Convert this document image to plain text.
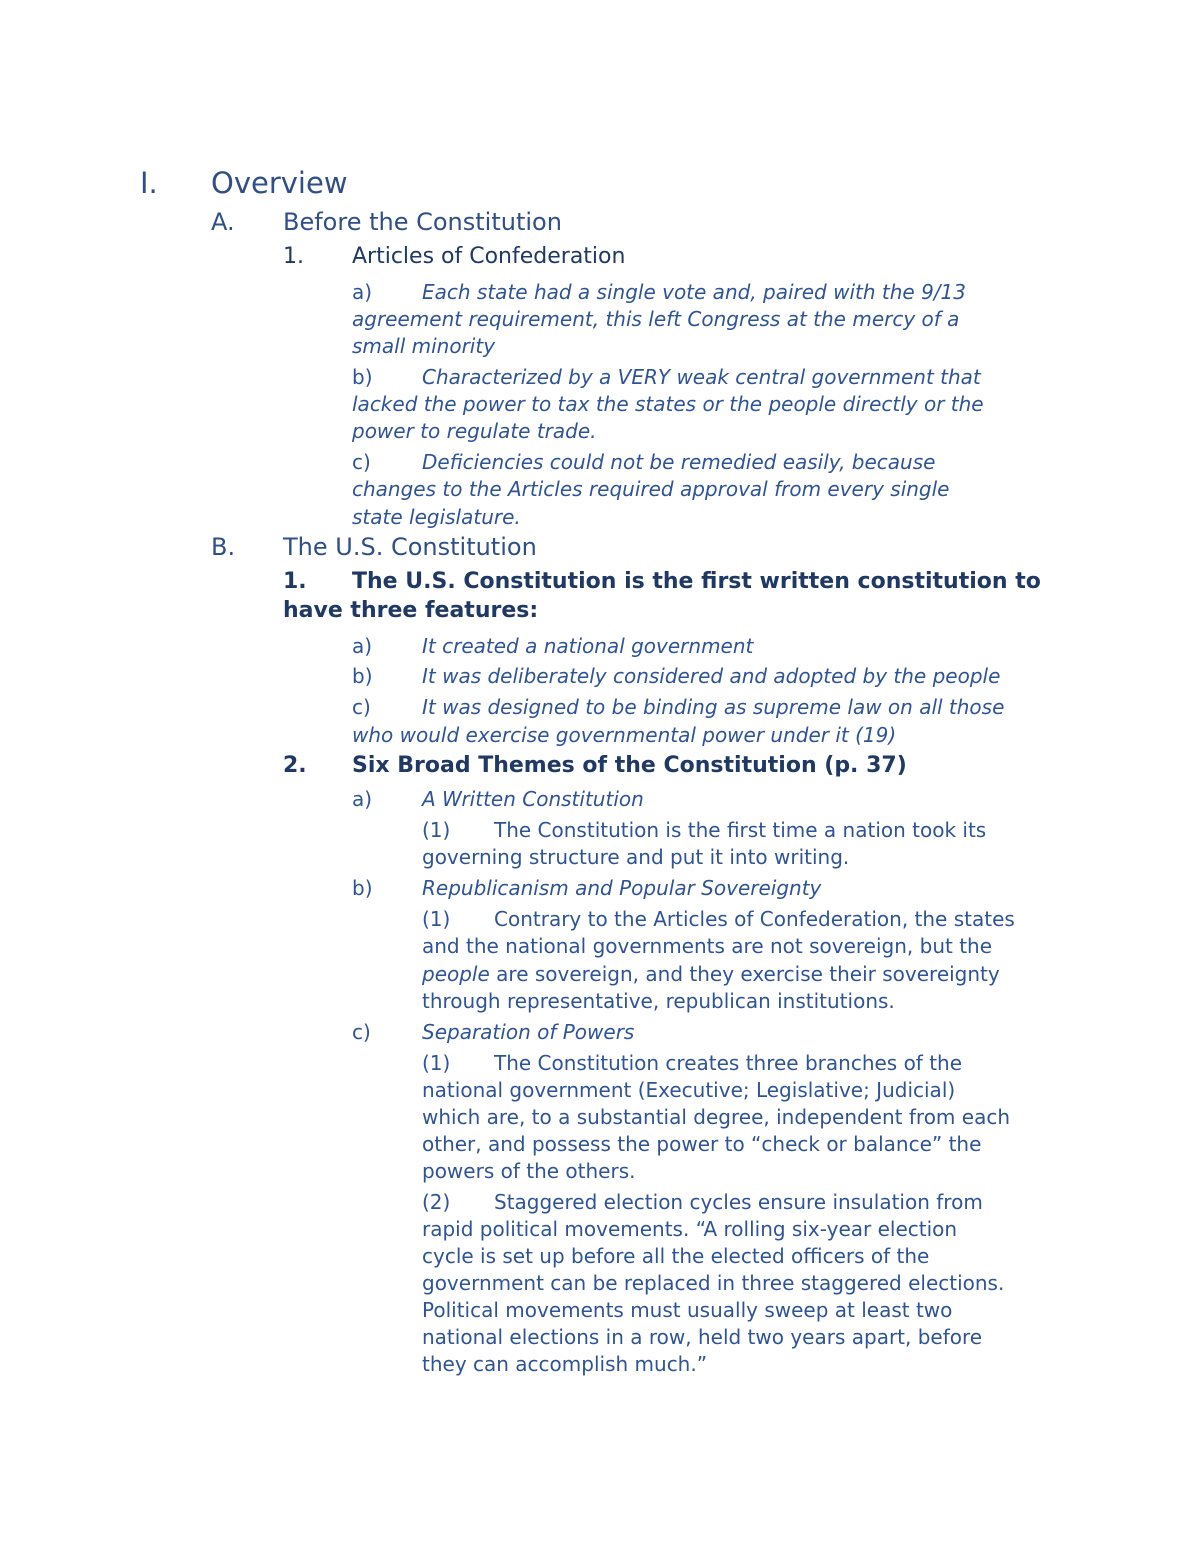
I. Overview
A. Before the Constitution
1. Articles of Confederation
a) Each state had a single vote and, paired with the 9/13
agreement requirement, this left Congress at the mercy of a
small minority
b) Characterized by a VERY weak central government that
lacked the power to tax the states or the people directly or the
power to regulate trade.
c)	Deficiencies could not be remedied easily, because
changes to the Articles required approval from every single
state legislature.
B. The U.S. Constitution
1. The U.S. Constitution is the first written constitution to
have three features:
a) It created a national government
b) It was deliberately considered and adopted by the people
c)	It was designed to be binding as supreme law on all those
who would exercise governmental power under it (19)
2. Six Broad Themes of the Constitution (p. 37)
a) A Written Constitution
(1) The Constitution is the first time a nation took its
governing structure and put it into writing.
b) Republicanism and Popular Sovereignty
(1) Contrary to the Articles of Confederation, the states
and the national governments are not sovereign, but the
people are sovereign, and they exercise their sovereignty
through representative, republican institutions.
c)	Separation of Powers
(1) The Constitution creates three branches of the
national government (Executive; Legislative; Judicial)
which are, to a substantial degree, independent from each
other, and possess the power to “check or balance” the
powers of the others.
(2) Staggered election cycles ensure insulation from
rapid political movements. “A rolling six-year election
cycle is set up before all the elected officers of the
government can be replaced in three staggered elections.
Political movements must usually sweep at least two
national elections in a row, held two years apart, before
they can accomplish much.”
